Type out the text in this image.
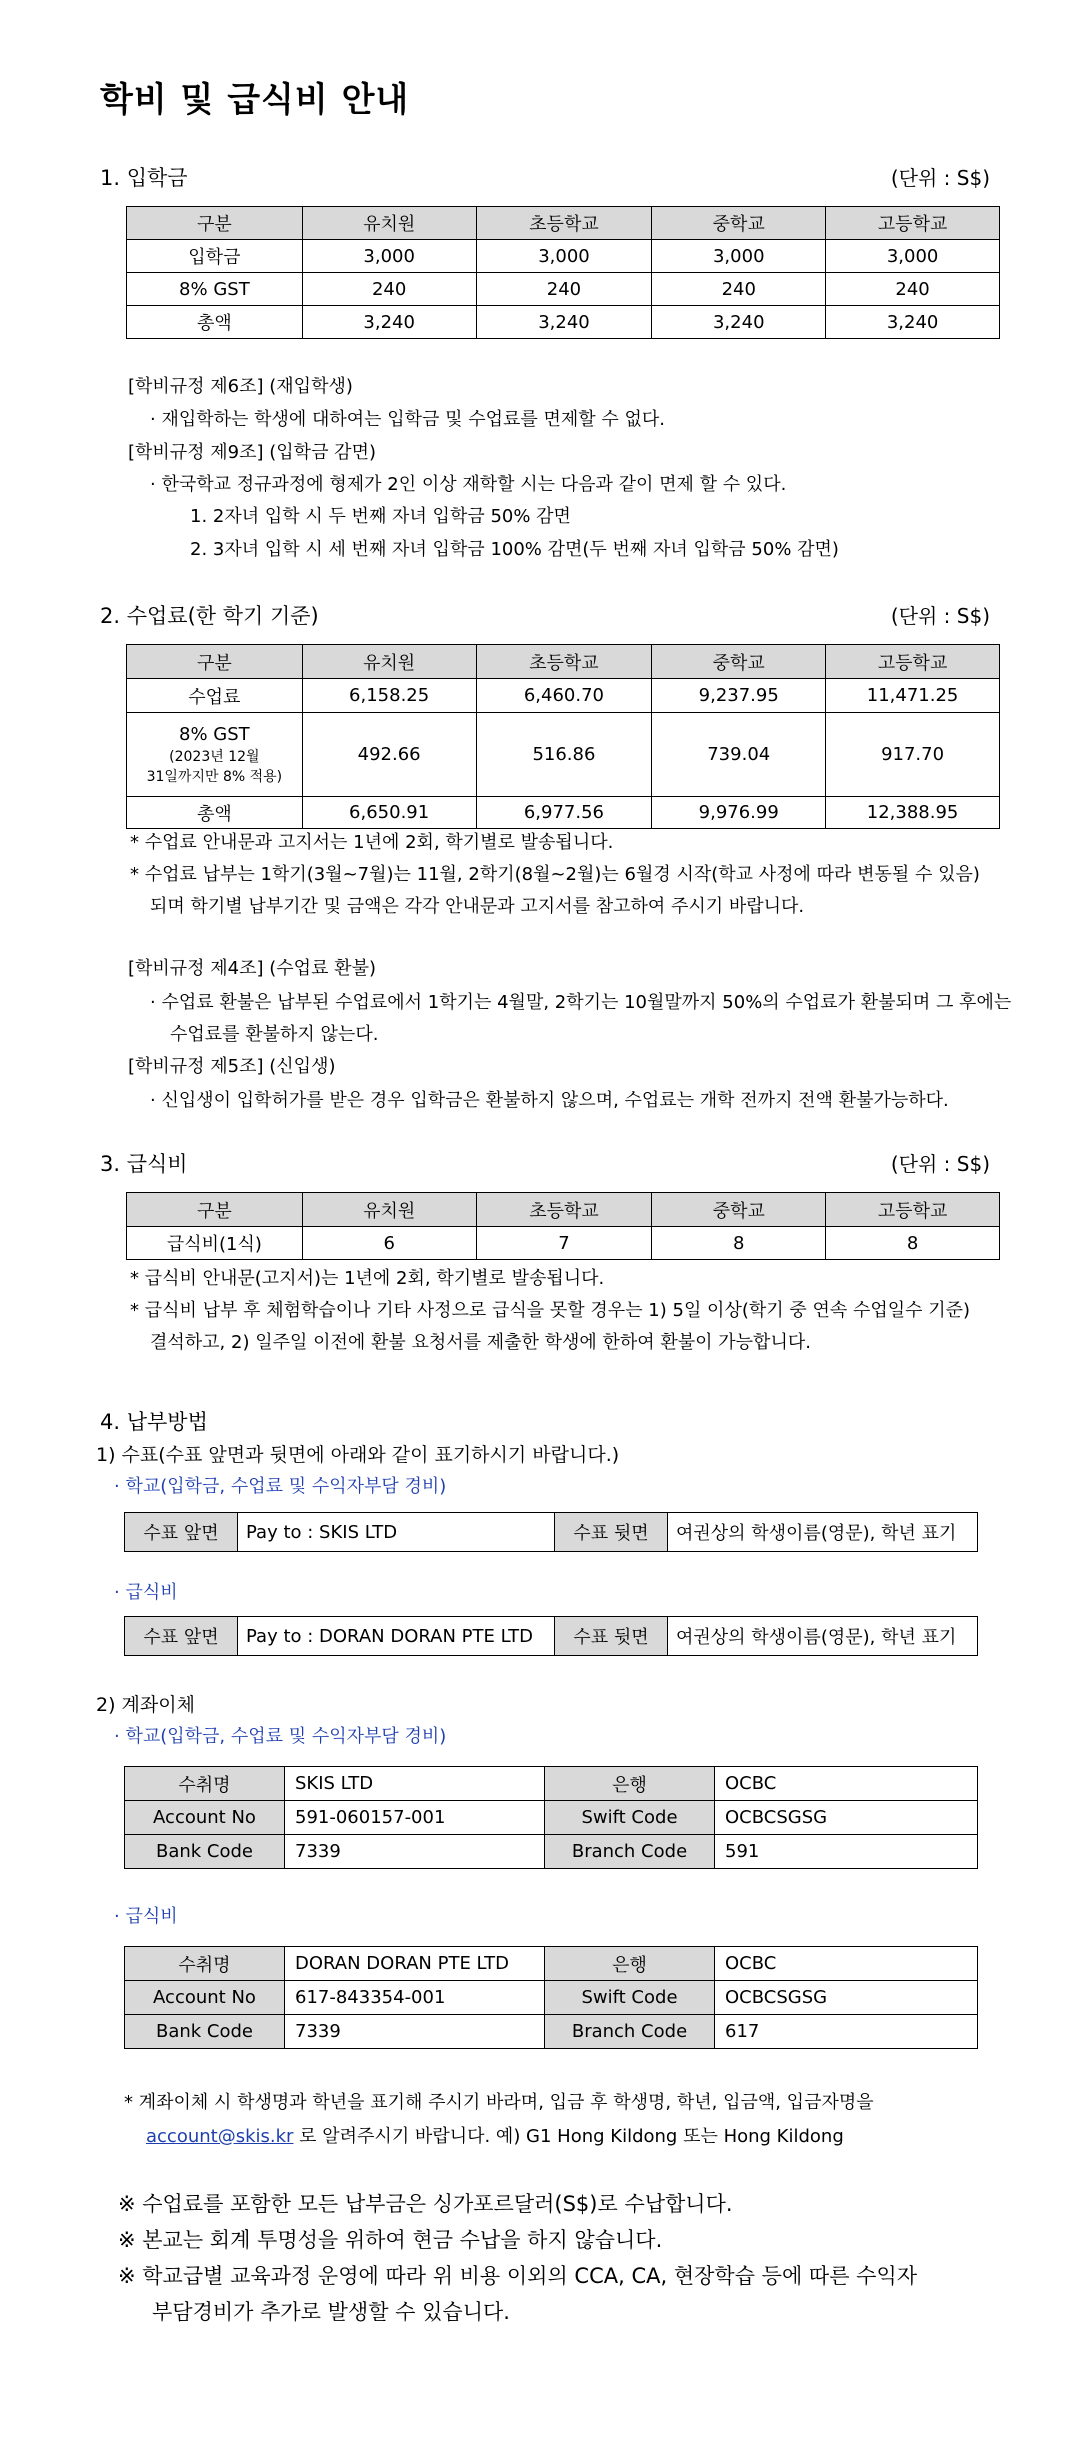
학비 및 급식비 안내
1. 입학금	(단위 : S$)
구분	유치원	초등학교	중학교	고등학교
입학금	3,000	3,000	3,000	3,000
8% GST	240	240	240	240
총액	3,240	3,240	3,240	3,240
[학비규정 제6조] (재입학생)
· 재입학하는 학생에 대하여는 입학금 및 수업료를 면제할 수 없다.
[학비규정 제9조] (입학금 감면)
· 한국학교 정규과정에 형제가 2인 이상 재학할 시는 다음과 같이 면제 할 수 있다.
1. 2자녀 입학 시 두 번째 자녀 입학금 50% 감면
2. 3자녀 입학 시 세 번째 자녀 입학금 100% 감면(두 번째 자녀 입학금 50% 감면)
2. 수업료(한 학기 기준)	(단위 : S$)
구분	유치원	초등학교	중학교	고등학교
수업료	6,158.25	6,460.70	9,237.95	11,471.25

8% GST
(2023년 12월
31일까지만 8% 적용)	492.66	516.86	739.04	917.70
총액	6,650.91	6,977.56	9,976.99	12,388.95
* 수업료 안내문과 고지서는 1년에 2회, 학기별로 발송됩니다.
* 수업료 납부는 1학기(3월~7월)는 11월, 2학기(8월~2월)는 6월경 시작(학교 사정에 따라 변동될 수 있음)
되며 학기별 납부기간 및 금액은 각각 안내문과 고지서를 참고하여 주시기 바랍니다.
[학비규정 제4조] (수업료 환불)
· 수업료 환불은 납부된 수업료에서 1학기는 4월말, 2학기는 10월말까지 50%의 수업료가 환불되며 그 후에는
수업료를 환불하지 않는다.
[학비규정 제5조] (신입생)
· 신입생이 입학허가를 받은 경우 입학금은 환불하지 않으며, 수업료는 개학 전까지 전액 환불가능하다.
3. 급식비	(단위 : S$)
구분	유치원	초등학교	중학교	고등학교
급식비(1식)	6	7	8	8
* 급식비 안내문(고지서)는 1년에 2회, 학기별로 발송됩니다.
* 급식비 납부 후 체험학습이나 기타 사정으로 급식을 못할 경우는 1) 5일 이상(학기 중 연속 수업일수 기준)
결석하고, 2) 일주일 이전에 환불 요청서를 제출한 학생에 한하여 환불이 가능합니다.
4. 납부방법
1) 수표(수표 앞면과 뒷면에 아래와 같이 표기하시기 바랍니다.)
· 학교(입학금, 수업료 및 수익자부담 경비)
수표 앞면	Pay to : SKIS LTD	수표 뒷면	여권상의 학생이름(영문), 학년 표기
· 급식비
수표 앞면	Pay to : DORAN DORAN PTE LTD	수표 뒷면	여권상의 학생이름(영문), 학년 표기
2) 계좌이체
· 학교(입학금, 수업료 및 수익자부담 경비)
수취명	SKIS LTD	은행	OCBC
Account No	591-060157-001	Swift Code	OCBCSGSG
Bank Code	7339	Branch Code	591
· 급식비
수취명	DORAN DORAN PTE LTD	은행	OCBC
Account No	617-843354-001	Swift Code	OCBCSGSG
Bank Code	7339	Branch Code	617
* 계좌이체 시 학생명과 학년을 표기해 주시기 바라며, 입금 후 학생명, 학년, 입금액, 입금자명을
account@skis.kr 로 알려주시기 바랍니다. 예) G1 Hong Kildong 또는 Hong Kildong
※ 수업료를 포함한 모든 납부금은 싱가포르달러(S$)로 수납합니다.
※ 본교는 회계 투명성을 위하여 현금 수납을 하지 않습니다.
※ 학교급별 교육과정 운영에 따라 위 비용 이외의 CCA, CA, 현장학습 등에 따른 수익자
부담경비가 추가로 발생할 수 있습니다.
